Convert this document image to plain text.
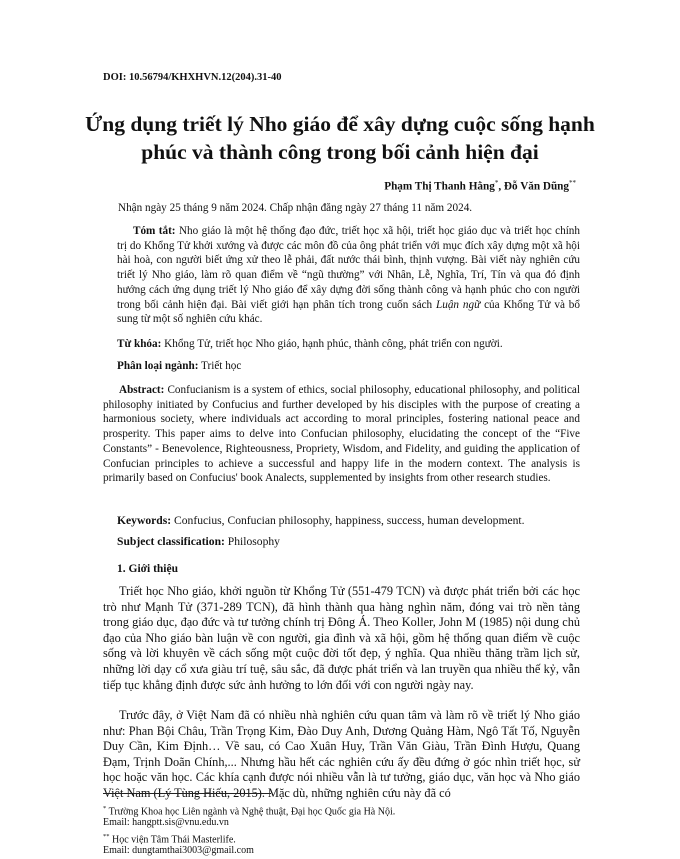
DOI: 10.56794/KHXHVN.12(204).31-40
Ứng dụng triết lý Nho giáo để xây dựng cuộc sống hạnh phúc và thành công trong bối cảnh hiện đại
Phạm Thị Thanh Hằng*, Đỗ Văn Dũng**
Nhận ngày 25 tháng 9 năm 2024. Chấp nhận đăng ngày 27 tháng 11 năm 2024.
Tóm tắt: Nho giáo là một hệ thống đạo đức, triết học xã hội, triết học giáo dục và triết học chính trị do Khổng Tử khởi xướng và được các môn đồ của ông phát triển với mục đích xây dựng một xã hội hài hoà, con người biết ứng xử theo lễ phải, đất nước thái bình, thịnh vượng. Bài viết này nghiên cứu triết lý Nho giáo, làm rõ quan điểm về “ngũ thường” với Nhân, Lễ, Nghĩa, Trí, Tín và qua đó định hướng cách ứng dụng triết lý Nho giáo để xây dựng đời sống thành công và hạnh phúc cho con người trong bối cảnh hiện đại. Bài viết giới hạn phân tích trong cuốn sách Luận ngữ của Khổng Tử và bổ sung từ một số nghiên cứu khác.
Từ khóa: Khổng Tử, triết học Nho giáo, hạnh phúc, thành công, phát triển con người.
Phân loại ngành: Triết học
Abstract: Confucianism is a system of ethics, social philosophy, educational philosophy, and political philosophy initiated by Confucius and further developed by his disciples with the purpose of creating a harmonious society, where individuals act according to moral principles, fostering national peace and prosperity. This paper aims to delve into Confucian philosophy, elucidating the concept of the “Five Constants” - Benevolence, Righteousness, Propriety, Wisdom, and Fidelity, and guiding the application of Confucian principles to achieve a successful and happy life in the modern context. The analysis is primarily based on Confucius' book Analects, supplemented by insights from other research studies.
Keywords: Confucius, Confucian philosophy, happiness, success, human development.
Subject classification: Philosophy
1. Giới thiệu
Triết học Nho giáo, khởi nguồn từ Khổng Tử (551-479 TCN) và được phát triển bởi các học trò như Mạnh Tử (371-289 TCN), đã hình thành qua hàng nghìn năm, đóng vai trò nền tảng trong giáo dục, đạo đức và tư tưởng chính trị Đông Á. Theo Koller, John M (1985) nội dung chủ đạo của Nho giáo bàn luận về con người, gia đình và xã hội, gồm hệ thống quan điểm về cuộc sống và lời khuyên về cách sống một cuộc đời tốt đẹp, ý nghĩa. Qua nhiều thăng trầm lịch sử, những lời dạy cổ xưa giàu trí tuệ, sâu sắc, đã được phát triển và lan truyền qua nhiều thế kỷ, vẫn tiếp tục khẳng định được sức ảnh hưởng to lớn đối với con người ngày nay.
Trước đây, ở Việt Nam đã có nhiều nhà nghiên cứu quan tâm và làm rõ về triết lý Nho giáo như: Phan Bội Châu, Trần Trọng Kim, Đào Duy Anh, Dương Quảng Hàm, Ngô Tất Tố, Nguyễn Duy Cần, Kim Định… Về sau, có Cao Xuân Huy, Trần Văn Giàu, Trần Đình Hượu, Quang Đạm, Trịnh Doãn Chính,... Nhưng hầu hết các nghiên cứu ấy đều đứng ở góc nhìn triết học, sử học hoặc văn học. Các khía cạnh được nói nhiều vẫn là tư tưởng, giáo dục, văn học và Nho giáo Việt Nam (Lý Tùng Hiếu, 2015). Mặc dù, những nghiên cứu này đã có
* Trường Khoa học Liên ngành và Nghệ thuật, Đại học Quốc gia Hà Nội.
Email: hangptt.sis@vnu.edu.vn
** Học viện Tâm Thái Masterlife.
Email: dungtamthai3003@gmail.com
